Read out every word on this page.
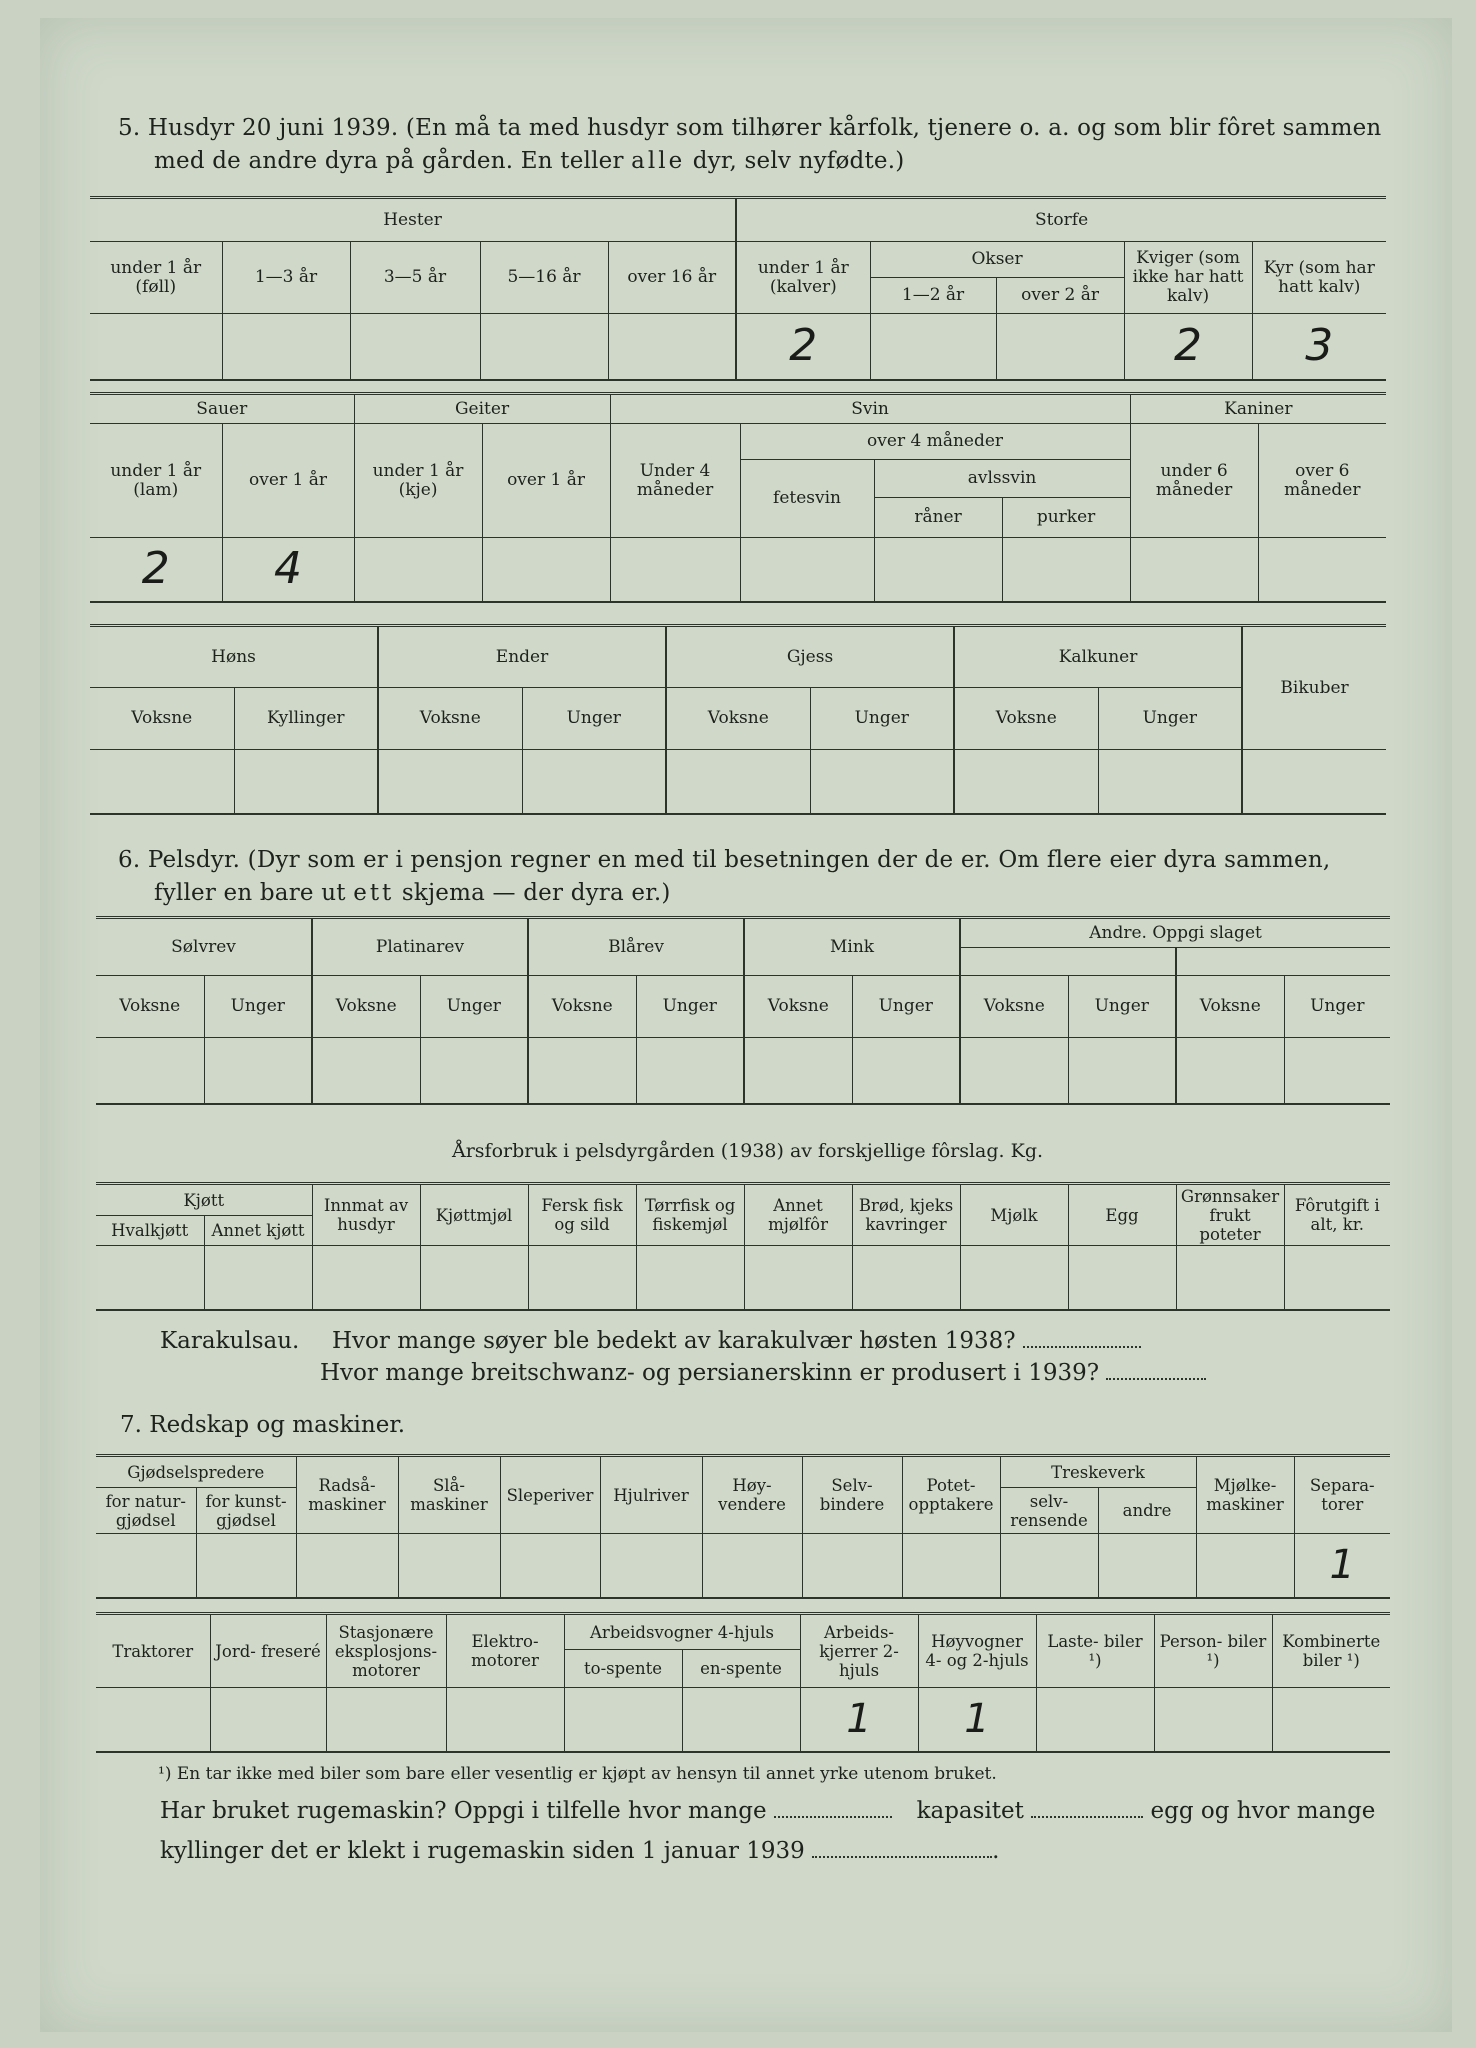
5. Husdyr 20 juni 1939. (En må ta med husdyr som tilhører kårfolk, tjenere o. a. og som blir fôret sammen
med de andre dyra på gården. En teller alle dyr, selv nyfødte.)
Hester					Storfe				
under 1 år (føll)	1—3 år	3—5 år	5—16 år	over 16 år	under 1 år (kalver)	Okser		Kviger (som ikke har hatt kalv)	Kyr (som har hatt kalv)
						1—2 år	over 2 år		
					2			2	3
Sauer		Geiter		Svin				Kaniner	
under 1 år (lam)	over 1 år	under 1 år (kje)	over 1 år	Under 4 måneder	over 4 måneder			under 6 måneder	over 6 måneder
					fetesvin	avlssvin			
						råner	purker		
2	4								
Høns		Ender		Gjess		Kalkuner		Bikuber
Voksne	Kyllinger	Voksne	Unger	Voksne	Unger	Voksne	Unger	

6. Pelsdyr. (Dyr som er i pensjon regner en med til besetningen der de er. Om flere eier dyra sammen,
fyller en bare ut ett skjema — der dyra er.)
Sølvrev		Platinarev		Blårev		Mink		Andre. Oppgi slaget			

Voksne	Unger	Voksne	Unger	Voksne	Unger	Voksne	Unger	Voksne	Unger	Voksne	Unger

Årsforbruk i pelsdyrgården (1938) av forskjellige fôrslag. Kg.
Kjøtt		Innmat av husdyr	Kjøttmjøl	Fersk fisk og sild	Tørrfisk og fiskemjøl	Annet mjølfôr	Brød, kjeks kavringer	Mjølk	Egg	Grønnsaker frukt poteter	Fôrutgift i alt, kr.
Hvalkjøtt	Annet kjøtt										

Karakulsau. Hvor mange søyer ble bedekt av karakulvær høsten 1938?
Hvor mange breitschwanz- og persianerskinn er produsert i 1939?
7. Redskap og maskiner.
Gjødselspredere		Radså- maskiner	Slå- maskiner	Sleperiver	Hjulriver	Høy- vendere	Selv- bindere	Potet- opptakere	Treskeverk		Mjølke- maskiner	Separa- torer
for natur- gjødsel	for kunst- gjødsel								selv- rensende	andre		
												1
Traktorer	Jord- freseré	Stasjonære eksplosjons- motorer	Elektro- motorer	Arbeidsvogner 4-hjuls		Arbeids- kjerrer 2-hjuls	Høyvogner 4- og 2-hjuls	Laste- biler ¹)	Person- biler ¹)	Kombinerte biler ¹)
				to-spente	en-spente					
						1	1			
¹) En tar ikke med biler som bare eller vesentlig er kjøpt av hensyn til annet yrke utenom bruket.
Har bruket rugemaskin? Oppgi i tilfelle hvor mange	kapasitet	egg og hvor mange
kyllinger det er klekt i rugemaskin siden 1 januar 1939	.
